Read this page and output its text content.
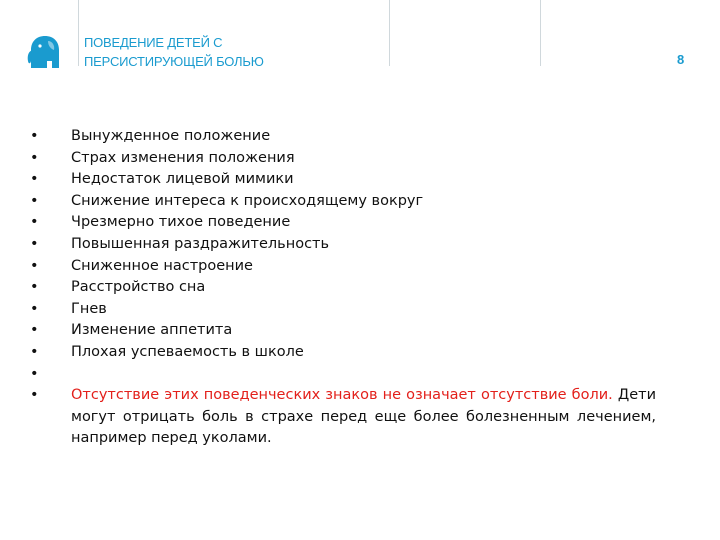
ПОВЕДЕНИЕ ДЕТЕЙ С
ПЕРСИСТИРУЮЩЕЙ БОЛЬЮ	8
• Вынужденное положение
• Страх изменения положения
• Недостаток лицевой мимики
• Снижение интереса к происходящему вокруг
• Чрезмерно тихое поведение
• Повышенная раздражительность
• Сниженное настроение
• Расстройство сна
• Гнев
• Изменение аппетита
• Плохая успеваемость в школе
•
• Отсутствие этих поведенческих знаков не означает отсутствие боли. Дети могут отрицать боль в страхе перед еще более болезненным лечением, например перед уколами.
